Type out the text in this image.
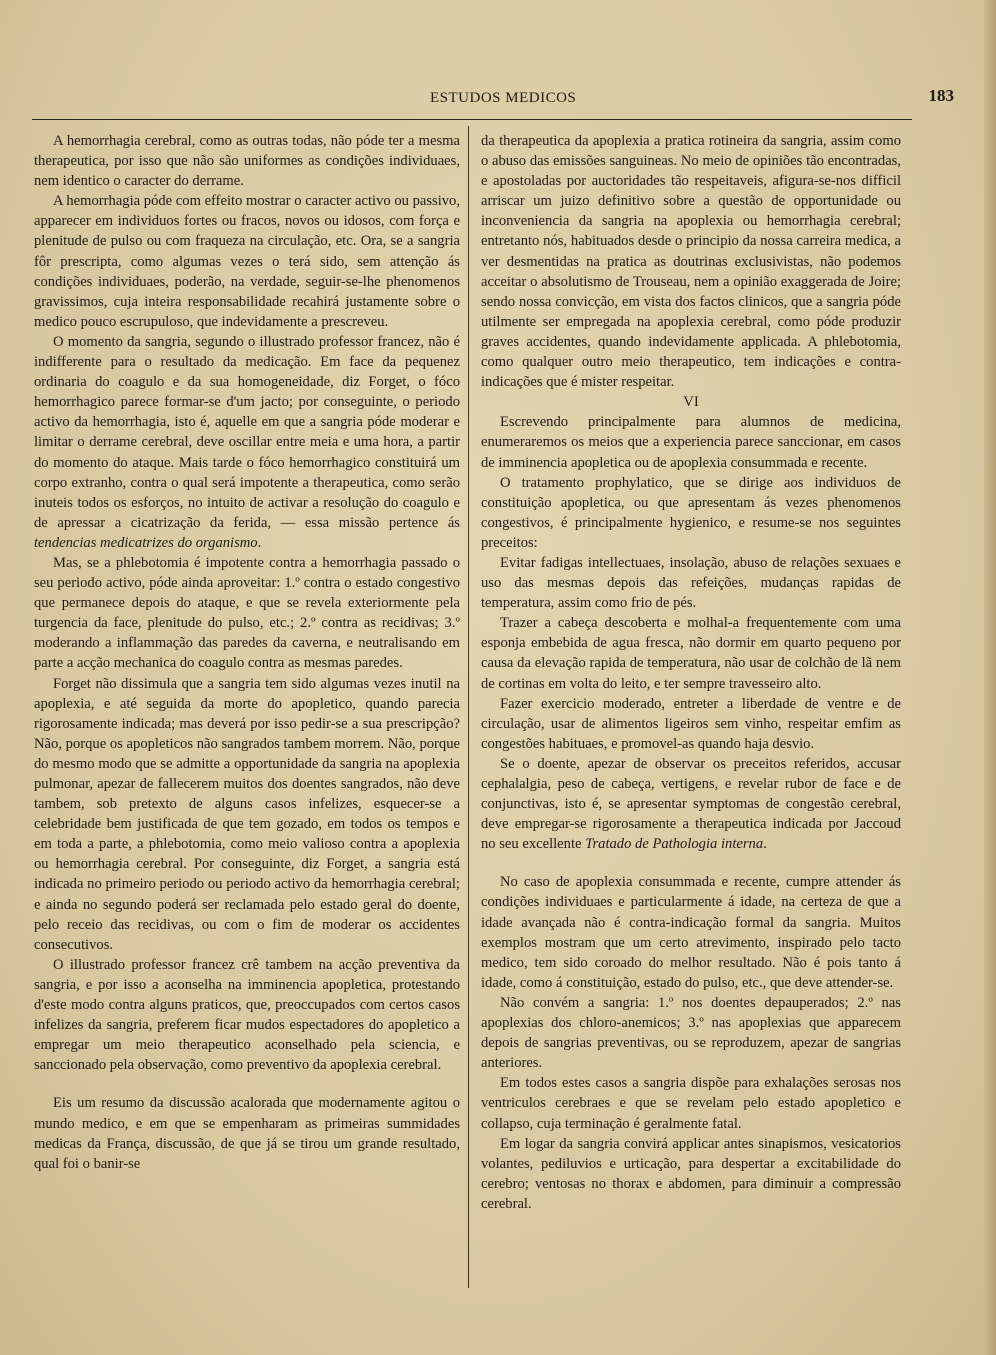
ESTUDOS MEDICOS	183

A hemorrhagia cerebral, como as outras todas, não póde ter a mesma therapeutica, por isso que não são uniformes as condições individuaes, nem identico o caracter do derrame.

A hemorrhagia póde com effeito mostrar o caracter activo ou passivo, apparecer em individuos fortes ou fracos, novos ou idosos, com força e plenitude de pulso ou com fraqueza na circulação, etc. Ora, se a sangria fôr prescripta, como algumas vezes o terá sido, sem attenção ás condições individuaes, poderão, na verdade, seguir-se-lhe phenomenos gravissimos, cuja inteira responsabilidade recahirá justamente sobre o medico pouco escrupuloso, que indevidamente a prescreveu.

O momento da sangria, segundo o illustrado professor francez, não é indifferente para o resultado da medicação. Em face da pequenez ordinaria do coagulo e da sua homogeneidade, diz Forget, o fóco hemorrhagico parece formar-se d'um jacto; por conseguinte, o periodo activo da hemorrhagia, isto é, aquelle em que a sangria póde moderar e limitar o derrame cerebral, deve oscillar entre meia e uma hora, a partir do momento do ataque. Mais tarde o fóco hemorrhagico constituirá um corpo extranho, contra o qual será impotente a therapeutica, como serão inuteis todos os esforços, no intuito de activar a resolução do coagulo e de apressar a cicatrização da ferida, — essa missão pertence ás tendencias medicatrizes do organismo.

Mas, se a phlebotomia é impotente contra a hemorrhagia passado o seu periodo activo, póde ainda aproveitar: 1.º contra o estado congestivo que permanece depois do ataque, e que se revela exteriormente pela turgencia da face, plenitude do pulso, etc.; 2.º contra as recidivas; 3.º moderando a inflammação das paredes da caverna, e neutralisando em parte a acção mechanica do coagulo contra as mesmas paredes.

Forget não dissimula que a sangria tem sido algumas vezes inutil na apoplexia, e até seguida da morte do apopletico, quando parecia rigorosamente indicada; mas deverá por isso pedir-se a sua prescripção? Não, porque os apopleticos não sangrados tambem morrem. Não, porque do mesmo modo que se admitte a opportunidade da sangria na apoplexia pulmonar, apezar de fallecerem muitos dos doentes sangrados, não deve tambem, sob pretexto de alguns casos infelizes, esquecer-se a celebridade bem justificada de que tem gozado, em todos os tempos e em toda a parte, a phlebotomia, como meio valioso contra a apoplexia ou hemorrhagia cerebral. Por conseguinte, diz Forget, a sangria está indicada no primeiro periodo ou periodo activo da hemorrhagia cerebral; e ainda no segundo poderá ser reclamada pelo estado geral do doente, pelo receio das recidivas, ou com o fim de moderar os accidentes consecutivos.

O illustrado professor francez crê tambem na acção preventiva da sangria, e por isso a aconselha na imminencia apopletica, protestando d'este modo contra alguns praticos, que, preoccupados com certos casos infelizes da sangria, preferem ficar mudos espectadores do apopletico a empregar um meio therapeutico aconselhado pela sciencia, e sanccionado pela observação, como preventivo da apoplexia cerebral.

Eis um resumo da discussão acalorada que modernamente agitou o mundo medico, e em que se empenharam as primeiras summidades medicas da França, discussão, de que já se tirou um grande resultado, qual foi o banir-se

da therapeutica da apoplexia a pratica rotineira da sangria, assim como o abuso das emissões sanguineas. No meio de opiniões tão encontradas, e apostoladas por auctoridades tão respeitaveis, afigura-se-nos difficil arriscar um juizo definitivo sobre a questão de opportunidade ou inconveniencia da sangria na apoplexia ou hemorrhagia cerebral; entretanto nós, habituados desde o principio da nossa carreira medica, a ver desmentidas na pratica as doutrinas exclusivistas, não podemos acceitar o absolutismo de Trouseau, nem a opinião exaggerada de Joire; sendo nossa convicção, em vista dos factos clinicos, que a sangria póde utilmente ser empregada na apoplexia cerebral, como póde produzir graves accidentes, quando indevidamente applicada. A phlebotomia, como qualquer outro meio therapeutico, tem indicações e contra-indicações que é mister respeitar.

VI

Escrevendo principalmente para alumnos de medicina, enumeraremos os meios que a experiencia parece sanccionar, em casos de imminencia apopletica ou de apoplexia consummada e recente.

O tratamento prophylatico, que se dirige aos individuos de constituição apopletica, ou que apresentam ás vezes phenomenos congestivos, é principalmente hygienico, e resume-se nos seguintes preceitos:

Evitar fadigas intellectuaes, insolação, abuso de relações sexuaes e uso das mesmas depois das refeições, mudanças rapidas de temperatura, assim como frio de pés.

Trazer a cabeça descoberta e molhal-a frequentemente com uma esponja embebida de agua fresca, não dormir em quarto pequeno por causa da elevação rapida de temperatura, não usar de colchão de lã nem de cortinas em volta do leito, e ter sempre travesseiro alto.

Fazer exercicio moderado, entreter a liberdade de ventre e de circulação, usar de alimentos ligeiros sem vinho, respeitar emfim as congestões habituaes, e promovel-as quando haja desvio.

Se o doente, apezar de observar os preceitos referidos, accusar cephalalgia, peso de cabeça, vertigens, e revelar rubor de face e de conjunctivas, isto é, se apresentar symptomas de congestão cerebral, deve empregar-se rigorosamente a therapeutica indicada por Jaccoud no seu excellente Tratado de Pathologia interna.

No caso de apoplexia consummada e recente, cumpre attender ás condições individuaes e particularmente á idade, na certeza de que a idade avançada não é contra-indicação formal da sangria. Muitos exemplos mostram que um certo atrevimento, inspirado pelo tacto medico, tem sido coroado do melhor resultado. Não é pois tanto á idade, como á constituição, estado do pulso, etc., que deve attender-se.

Não convém a sangria: 1.º nos doentes depauperados; 2.º nas apoplexias dos chloro-anemicos; 3.º nas apoplexias que apparecem depois de sangrias preventivas, ou se reproduzem, apezar de sangrias anteriores.

Em todos estes casos a sangria dispõe para exhalações serosas nos ventriculos cerebraes e que se revelam pelo estado apopletico e collapso, cuja terminação é geralmente fatal.

Em logar da sangria convirá applicar antes sinapismos, vesicatorios volantes, pediluvios e urticação, para despertar a excitabilidade do cerebro; ventosas no thorax e abdomen, para diminuir a compressão cerebral.
